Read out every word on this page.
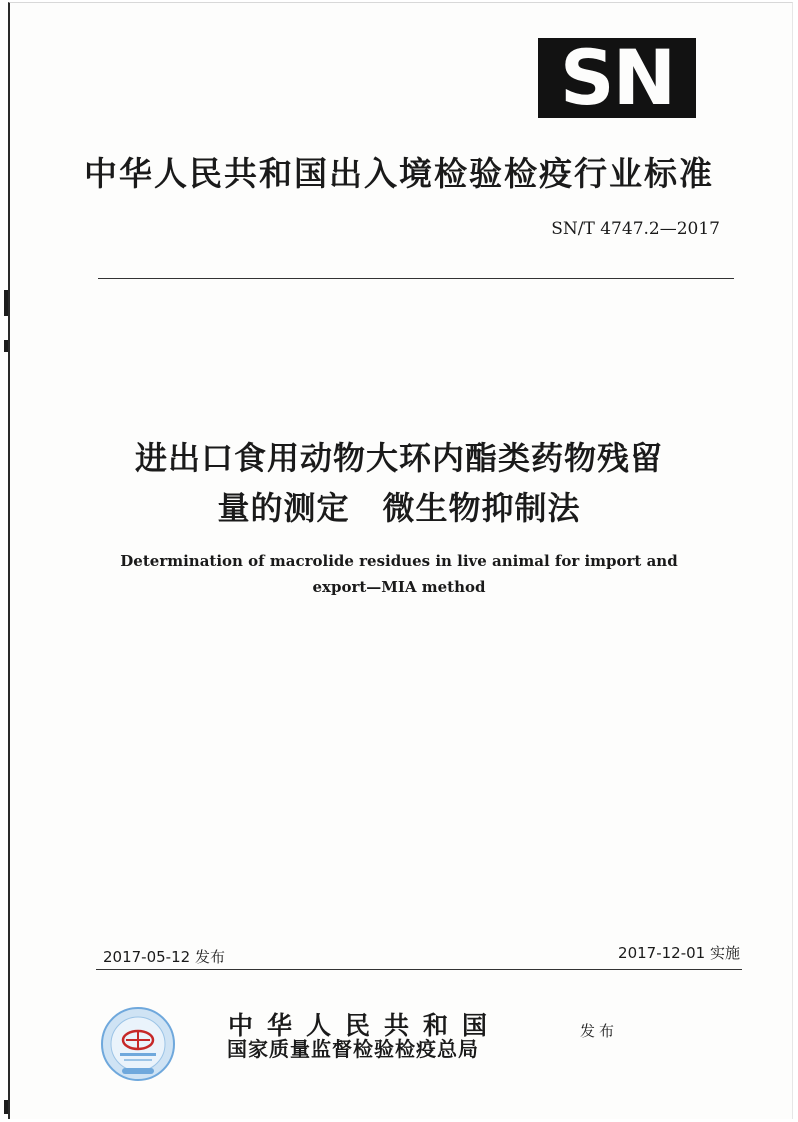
SN
中华人民共和国出入境检验检疫行业标准
SN/T 4747.2—2017
进出口食用动物大环内酯类药物残留
量的测定　微生物抑制法
Determination of macrolide residues in live animal for import and
export—MIA method
2017-05-12 发布	2017-12-01 实施
中华人民共和国
国家质量监督检验检疫总局
发布
